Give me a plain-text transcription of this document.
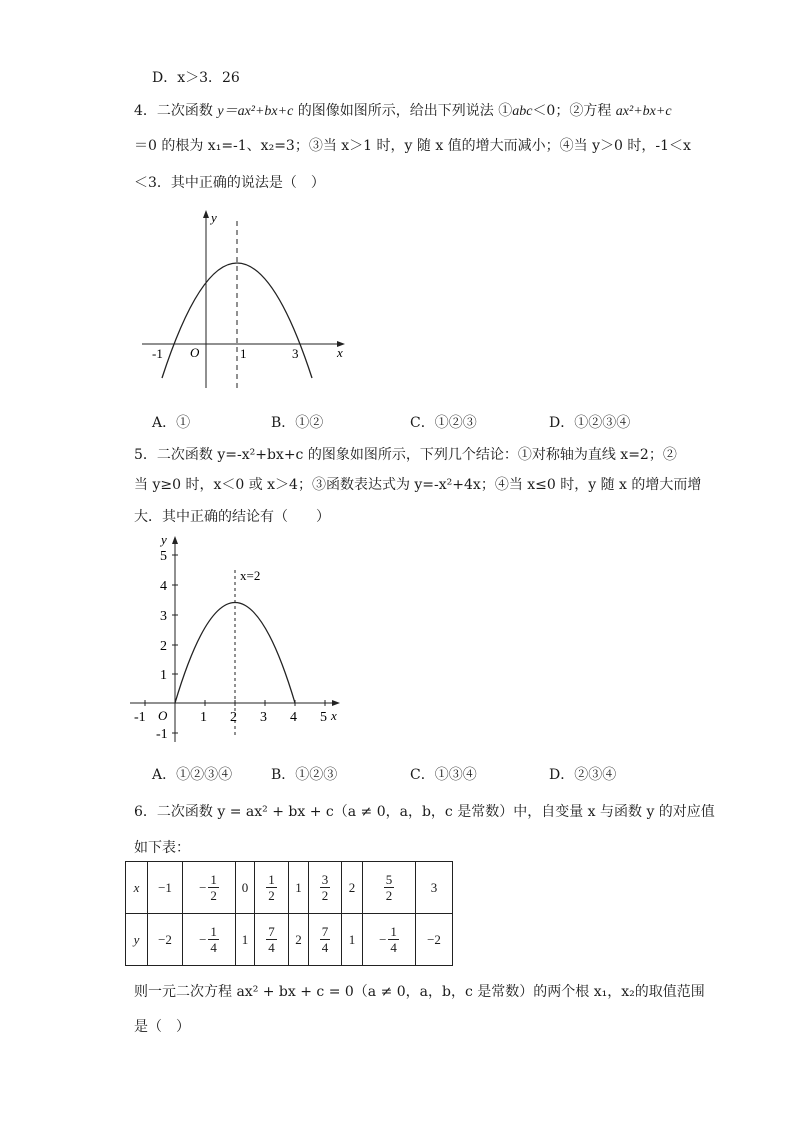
D．x＞3．26
4．二次函数 y＝ax²+bx+c 的图像如图所示，给出下列说法 ①abc＜0；②方程 ax²+bx+c
＝0 的根为 x₁=-1、x₂=3；③当 x＞1 时，y 随 x 值的增大而减小；④当 y＞0 时，-1＜x
＜3．其中正确的说法是（　）
y
x
O
-1	1	3
A．①	B．①②	C．①②③	D．①②③④
5．二次函数 y=-x²+bx+c 的图象如图所示，下列几个结论：①对称轴为直线 x=2；②
当 y≥0 时，x＜0 或 x＞4；③函数表达式为 y=-x²+4x；④当 x≤0 时，y 随 x 的增大而增
大．其中正确的结论有（　　）
y
x
O
x=2
-1	1 2 3 4 5
5
4
3
2
1
-1
A．①②③④	B．①②③	C．①③④	D．②③④
6．二次函数 y = ax² + bx + c（a ≠ 0，a，b，c 是常数）中，自变量 x 与函数 y 的对应值
如下表：
x	−1	− $\frac{1}{2}$	0	$\frac{1}{2}$	1	$\frac{3}{2}$	2	$\frac{5}{2}$	3
y	−2	− $\frac{1}{4}$	1	$\frac{7}{4}$	2	$\frac{7}{4}$	1	− $\frac{1}{4}$	−2
则一元二次方程 ax² + bx + c = 0（a ≠ 0，a，b，c 是常数）的两个根 x₁，x₂的取值范围
是（　）
